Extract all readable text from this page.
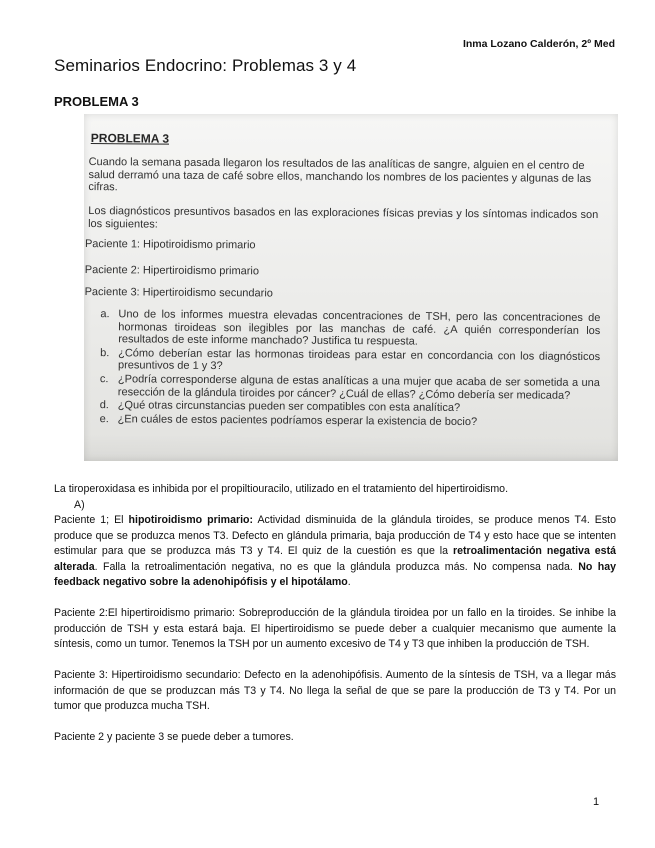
Inma Lozano Calderón, 2º Med
Seminarios Endocrino: Problemas 3 y 4
PROBLEMA 3
PROBLEMA 3
Cuando la semana pasada llegaron los resultados de las analíticas de sangre, alguien en el centro de salud derramó una taza de café sobre ellos, manchando los nombres de los pacientes y algunas de las cifras.
Los diagnósticos presuntivos basados en las exploraciones físicas previas y los síntomas indicados son los siguientes:
Paciente 1: Hipotiroidismo primario
Paciente 2: Hipertiroidismo primario
Paciente 3: Hipertiroidismo secundario
a. Uno de los informes muestra elevadas concentraciones de TSH, pero las concentraciones de hormonas tiroideas son ilegibles por las manchas de café. ¿A quién corresponderían los resultados de este informe manchado? Justifica tu respuesta.
b. ¿Cómo deberían estar las hormonas tiroideas para estar en concordancia con los diagnósticos presuntivos de 1 y 3?
c. ¿Podría corresponderse alguna de estas analíticas a una mujer que acaba de ser sometida a una resección de la glándula tiroides por cáncer? ¿Cuál de ellas? ¿Cómo debería ser medicada?
d. ¿Qué otras circunstancias pueden ser compatibles con esta analítica?
e. ¿En cuáles de estos pacientes podríamos esperar la existencia de bocio?

La tiroperoxidasa es inhibida por el propiltiouracilo, utilizado en el tratamiento del hipertiroidismo.

A)

Paciente 1; El hipotiroidismo primario: Actividad disminuida de la glándula tiroides, se produce menos T4. Esto produce que se produzca menos T3. Defecto en glándula primaria, baja producción de T4 y esto hace que se intenten estimular para que se produzca más T3 y T4. El quiz de la cuestión es que la retroalimentación negativa está alterada. Falla la retroalimentación negativa, no es que la glándula produzca más. No compensa nada. No hay feedback negativo sobre la adenohipófisis y el hipotálamo.

Paciente 2:El hipertiroidismo primario: Sobreproducción de la glándula tiroidea por un fallo en la tiroides. Se inhibe la producción de TSH y esta estará baja. El hipertiroidismo se puede deber a cualquier mecanismo que aumente la síntesis, como un tumor. Tenemos la TSH por un aumento excesivo de T4 y T3 que inhiben la producción de TSH.

Paciente 3: Hipertiroidismo secundario: Defecto en la adenohipófisis. Aumento de la síntesis de TSH, va a llegar más información de que se produzcan más T3 y T4. No llega la señal de que se pare la producción de T3 y T4. Por un tumor que produzca mucha TSH.

Paciente 2 y paciente 3 se puede deber a tumores.

1
